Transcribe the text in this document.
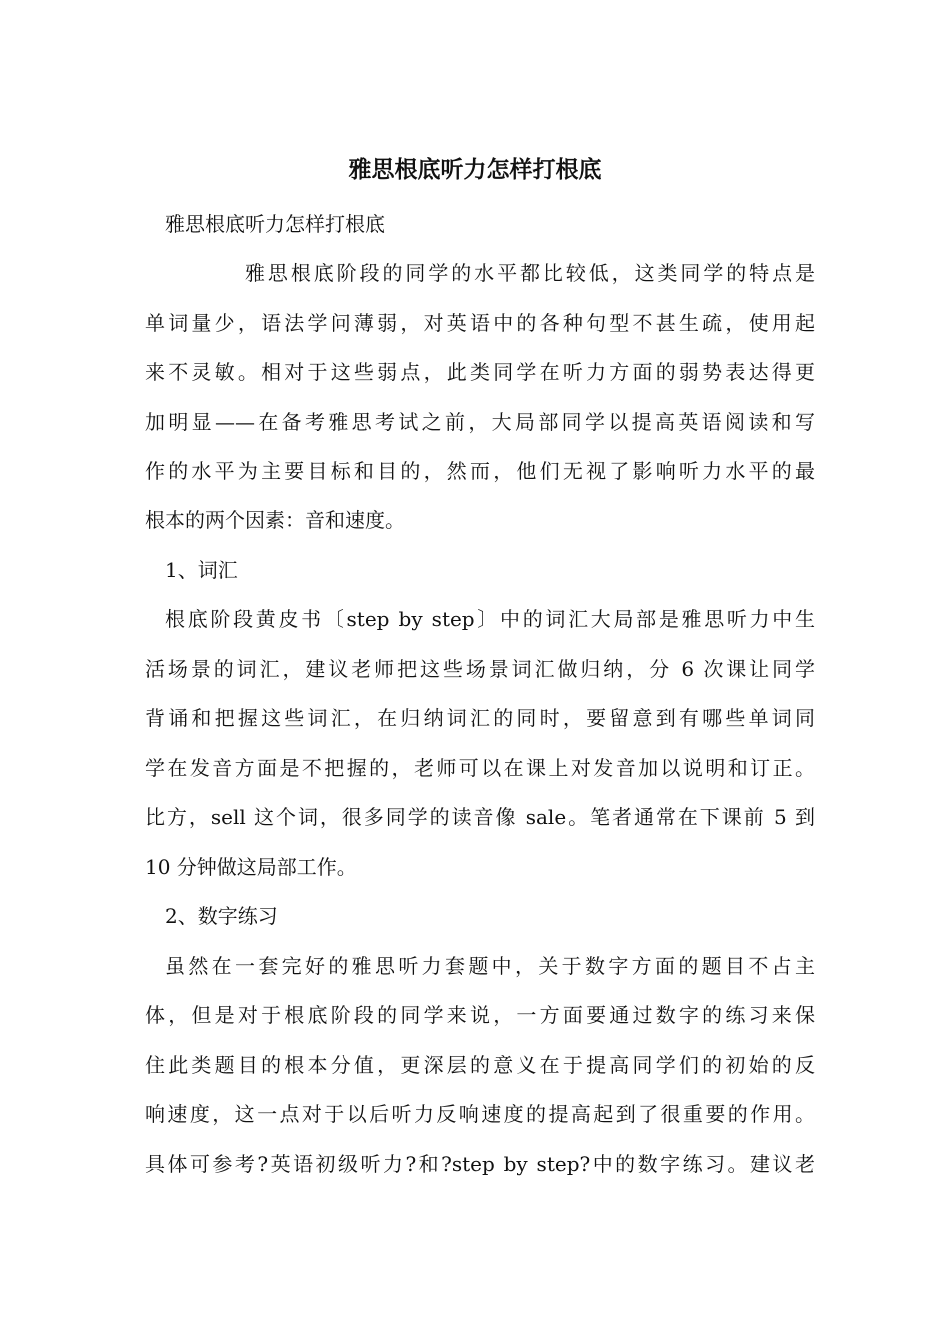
雅思根底听力怎样打根底
雅思根底听力怎样打根底
雅思根底阶段的同学的水平都比较低，这类同学的特点是
单词量少，语法学问薄弱，对英语中的各种句型不甚生疏，使用起
来不灵敏。相对于这些弱点，此类同学在听力方面的弱势表达得更
加明显——在备考雅思考试之前，大局部同学以提高英语阅读和写
作的水平为主要目标和目的，然而，他们无视了影响听力水平的最
根本的两个因素：音和速度。
1、词汇
根底阶段黄皮书〔step by step〕中的词汇大局部是雅思听力中生
活场景的词汇，建议老师把这些场景词汇做归纳，分 6 次课让同学
背诵和把握这些词汇，在归纳词汇的同时，要留意到有哪些单词同
学在发音方面是不把握的，老师可以在课上对发音加以说明和订正。
比方，sell 这个词，很多同学的读音像 sale。笔者通常在下课前 5 到
10 分钟做这局部工作。
2、数字练习
虽然在一套完好的雅思听力套题中，关于数字方面的题目不占主
体，但是对于根底阶段的同学来说，一方面要通过数字的练习来保
住此类题目的根本分值，更深层的意义在于提高同学们的初始的反
响速度，这一点对于以后听力反响速度的提高起到了很重要的作用。
具体可参考?英语初级听力?和?step by step?中的数字练习。建议老
